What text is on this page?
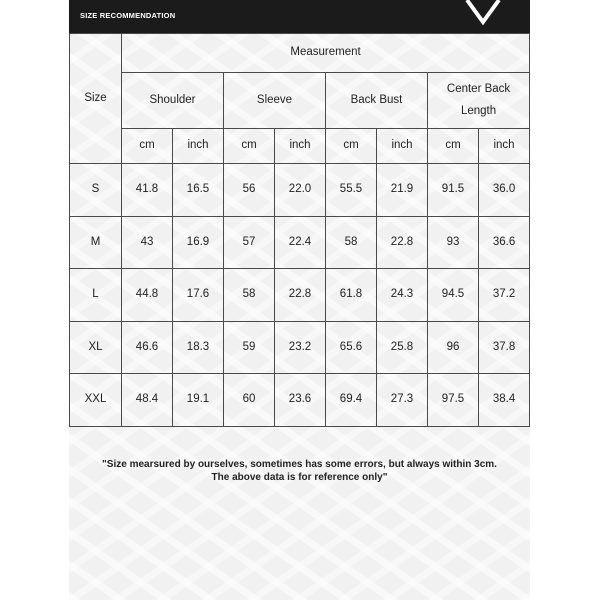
SIZE RECOMMENDATION
Size	Measurement							
	Shoulder		Sleeve		Back Bust		Center Back Length	
	cm	inch	cm	inch	cm	inch	cm	inch
S	41.8	16.5	56	22.0	55.5	21.9	91.5	36.0
M	43	16.9	57	22.4	58	22.8	93	36.6
L	44.8	17.6	58	22.8	61.8	24.3	94.5	37.2
XL	46.6	18.3	59	23.2	65.6	25.8	96	37.8
XXL	48.4	19.1	60	23.6	69.4	27.3	97.5	38.4
"Size mearsured by ourselves, sometimes has some errors, but always within 3cm.
The above data is for reference only"
